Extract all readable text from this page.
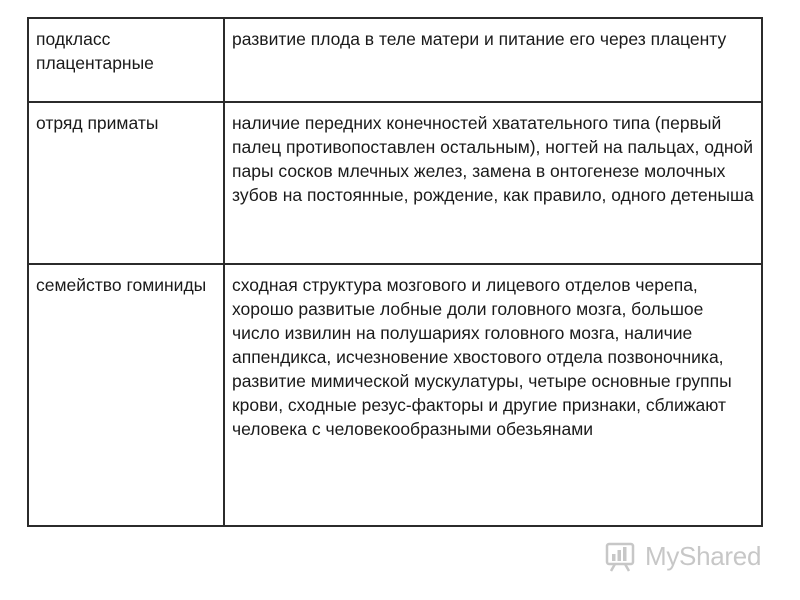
подкласс плацентарные	развитие плода в теле матери и питание его через плаценту

отряд приматы	наличие передних конечностей хватательного типа (первый палец противопоставлен остальным), ногтей на пальцах, одной пары сосков млечных желез, замена в онтогенезе молочных зубов на постоянные, рождение, как правило, одного детеныша

семейство гоминиды	сходная структура мозгового и лицевого отделов черепа, хорошо развитые лобные доли головного мозга, большое число извилин на полушариях головного мозга, наличие аппендикса, исчезновение хвостового отдела позвоночника, развитие мимической мускулатуры, четыре основные группы крови, сходные резус-факторы и другие признаки, сближают человека с человекообразными обезьянами
MyShared
